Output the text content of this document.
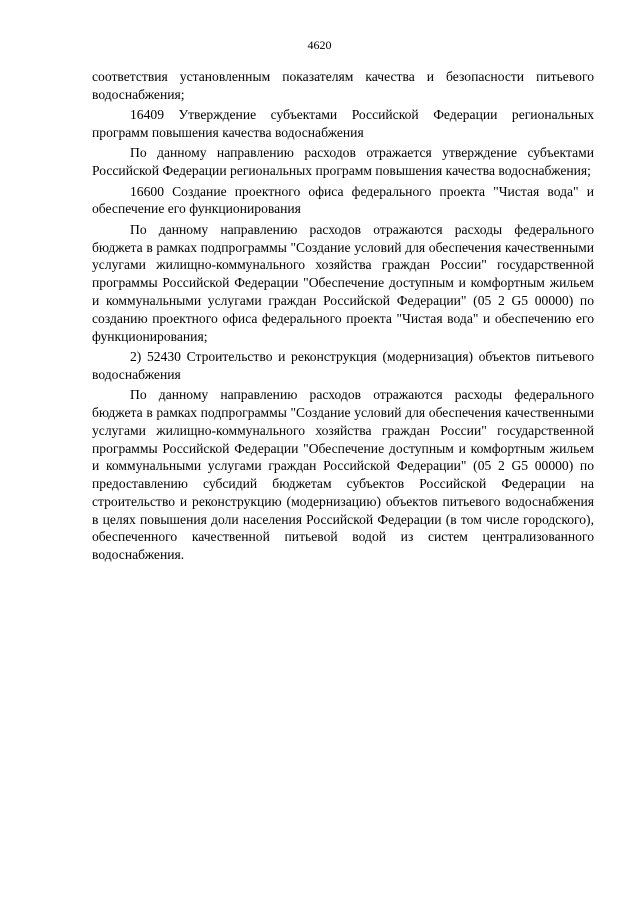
4620

соответствия установленным показателям качества и безопасности питьевого водоснабжения;

16409 Утверждение субъектами Российской Федерации региональных программ повышения качества водоснабжения

По данному направлению расходов отражается утверждение субъектами Российской Федерации региональных программ повышения качества водоснабжения;

16600 Создание проектного офиса федерального проекта "Чистая вода" и обеспечение его функционирования

По данному направлению расходов отражаются расходы федерального бюджета в рамках подпрограммы "Создание условий для обеспечения качественными услугами жилищно-коммунального хозяйства граждан России" государственной программы Российской Федерации "Обеспечение доступным и комфортным жильем и коммунальными услугами граждан Российской Федерации" (05 2 G5 00000) по созданию проектного офиса федерального проекта "Чистая вода" и обеспечению его функционирования;

2) 52430 Строительство и реконструкция (модернизация) объектов питьевого водоснабжения

По данному направлению расходов отражаются расходы федерального бюджета в рамках подпрограммы "Создание условий для обеспечения качественными услугами жилищно-коммунального хозяйства граждан России" государственной программы Российской Федерации "Обеспечение доступным и комфортным жильем и коммунальными услугами граждан Российской Федерации" (05 2 G5 00000) по предоставлению субсидий бюджетам субъектов Российской Федерации на строительство и реконструкцию (модернизацию) объектов питьевого водоснабжения в целях повышения доли населения Российской Федерации (в том числе городского), обеспеченного качественной питьевой водой из систем централизованного водоснабжения.
